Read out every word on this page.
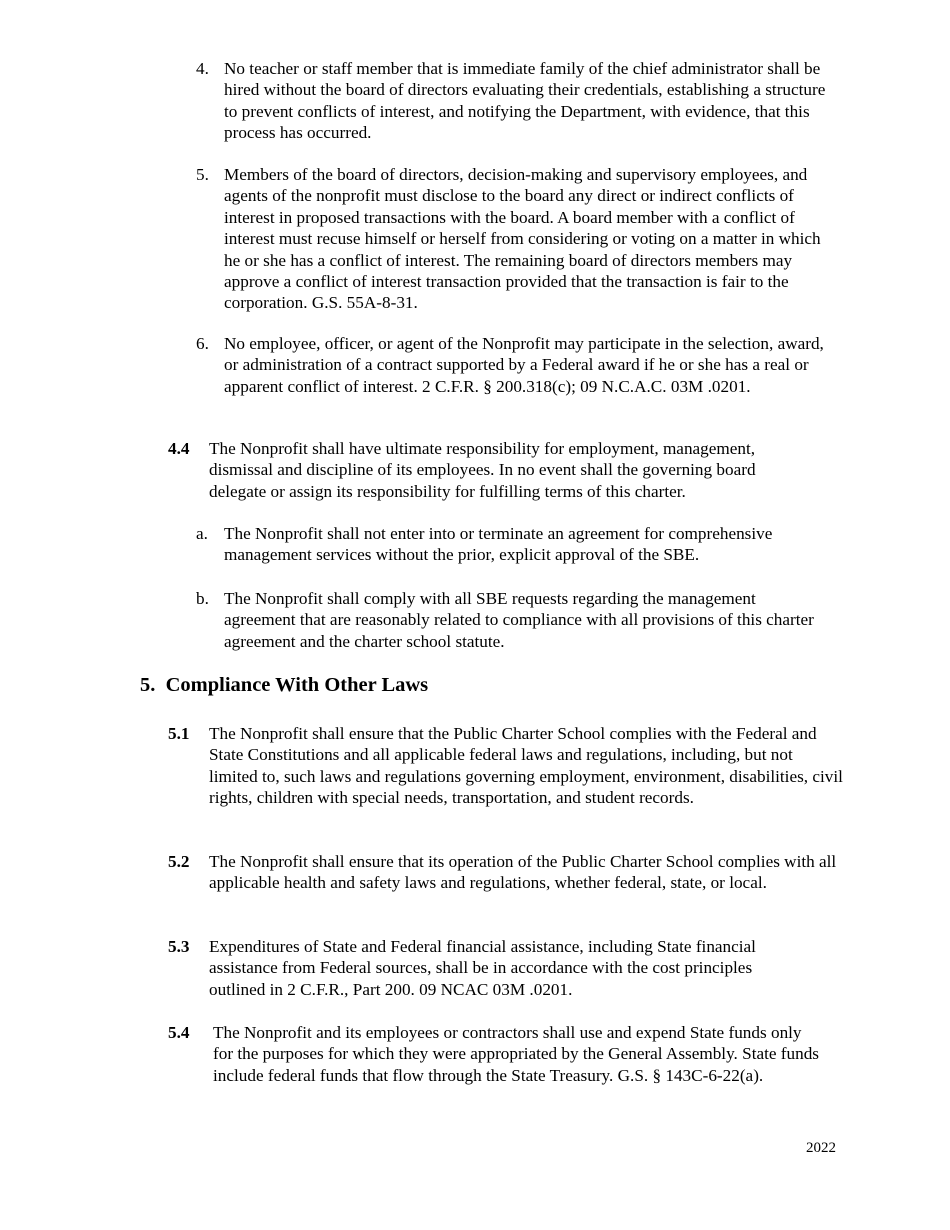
4. No teacher or staff member that is immediate family of the chief administrator shall be hired without the board of directors evaluating their credentials, establishing a structure to prevent conflicts of interest, and notifying the Department, with evidence, that this process has occurred.
5. Members of the board of directors, decision-making and supervisory employees, and agents of the nonprofit must disclose to the board any direct or indirect conflicts of interest in proposed transactions with the board. A board member with a conflict of interest must recuse himself or herself from considering or voting on a matter in which he or she has a conflict of interest. The remaining board of directors members may approve a conflict of interest transaction provided that the transaction is fair to the corporation. G.S. 55A-8-31.
6. No employee, officer, or agent of the Nonprofit may participate in the selection, award, or administration of a contract supported by a Federal award if he or she has a real or apparent conflict of interest. 2 C.F.R. § 200.318(c); 09 N.C.A.C. 03M .0201.
4.4 The Nonprofit shall have ultimate responsibility for employment, management, dismissal and discipline of its employees. In no event shall the governing board delegate or assign its responsibility for fulfilling terms of this charter.
a. The Nonprofit shall not enter into or terminate an agreement for comprehensive management services without the prior, explicit approval of the SBE.
b. The Nonprofit shall comply with all SBE requests regarding the management agreement that are reasonably related to compliance with all provisions of this charter agreement and the charter school statute.
5.  Compliance With Other Laws
5.1 The Nonprofit shall ensure that the Public Charter School complies with the Federal and State Constitutions and all applicable federal laws and regulations, including, but not limited to, such laws and regulations governing employment, environment, disabilities, civil rights, children with special needs, transportation, and student records.
5.2 The Nonprofit shall ensure that its operation of the Public Charter School complies with all applicable health and safety laws and regulations, whether federal, state, or local.
5.3 Expenditures of State and Federal financial assistance, including State financial assistance from Federal sources, shall be in accordance with the cost principles outlined in 2 C.F.R., Part 200. 09 NCAC 03M .0201.
5.4 The Nonprofit and its employees or contractors shall use and expend State funds only for the purposes for which they were appropriated by the General Assembly. State funds include federal funds that flow through the State Treasury. G.S. § 143C-6-22(a).
2022
